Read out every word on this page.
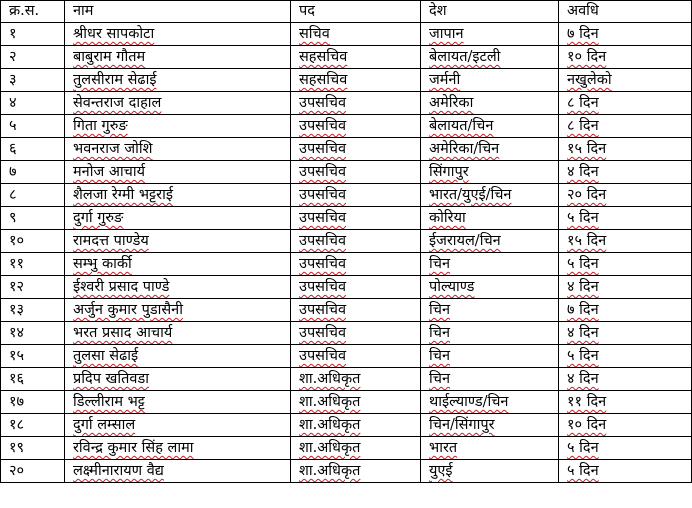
क्र.स.	नाम	पद	देश	अवधि
१	श्रीधर सापकोटा	सचिव	जापान	७ दिन
२	बाबुराम गौतम	सहसचिव	बेलायत/इटली	१० दिन
३	तुलसीराम सेढाई	सहसचिव	जर्मनी	नखुलेको
४	सेवन्तराज दाहाल	उपसचिव	अमेरिका	८ दिन
५	गिता गुरुङ	उपसचिव	बेलायत/चिन	८ दिन
६	भवनराज जोशि	उपसचिव	अमेरिका/चिन	१५ दिन
७	मनोज आचार्य	उपसचिव	सिंगापुर	४ दिन
८	शैलजा रेग्मी भट्टराई	उपसचिव	भारत/युएई/चिन	२० दिन
९	दुर्गा गुरुङ	उपसचिव	कोरिया	५ दिन
१०	रामदत्त पाण्डेय	उपसचिव	ईजरायल/चिन	१५ दिन
११	सम्भु कार्की	उपसचिव	चिन	५ दिन
१२	ईश्वरी प्रसाद पाण्डे	उपसचिव	पोल्याण्ड	४ दिन
१३	अर्जुन कुमार पुडासैनी	उपसचिव	चिन	७ दिन
१४	भरत प्रसाद आचार्य	उपसचिव	चिन	४ दिन
१५	तुलसा सेढाई	उपसचिव	चिन	५ दिन
१६	प्रदिप खतिवडा	शा.अधिकृत	चिन	४ दिन
१७	डिल्लीराम भट्ट	शा.अधिकृत	थाईल्याण्ड/चिन	११ दिन
१८	दुर्गा लम्साल	शा.अधिकृत	चिन/सिंगापुर	१० दिन
१९	रविन्द्र कुमार सिंह लामा	शा.अधिकृत	भारत	५ दिन
२०	लक्ष्मीनारायण वैद्य	शा.अधिकृत	युएई	५ दिन
